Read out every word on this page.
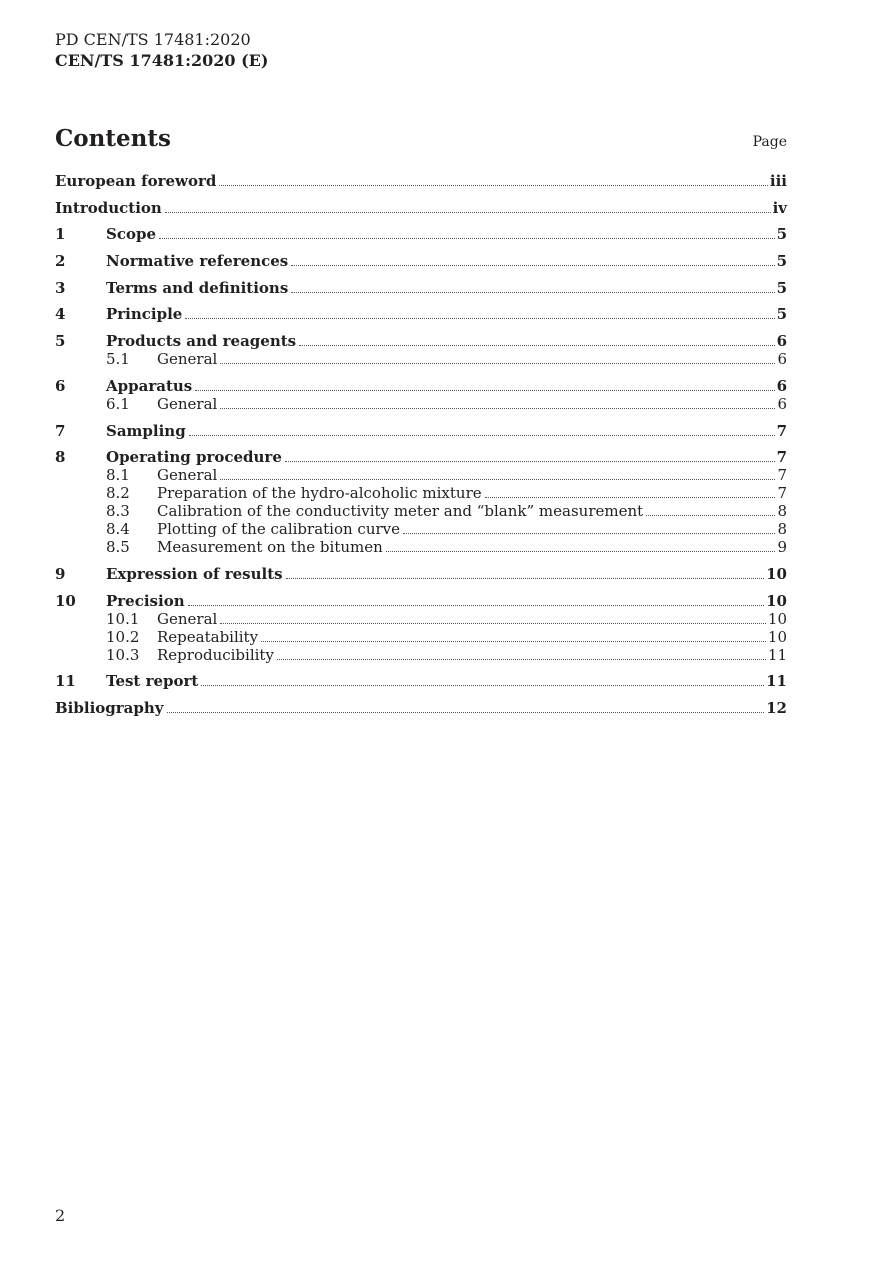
PD CEN/TS 17481:2020
CEN/TS 17481:2020 (E)
Contents	Page
European foreword	iii
Introduction	iv
1	Scope	5
2	Normative references	5
3	Terms and definitions	5
4	Principle	5
5	Products and reagents	6
5.1	General	6
6	Apparatus	6
6.1	General	6
7	Sampling	7
8	Operating procedure	7
8.1	General	7
8.2	Preparation of the hydro-alcoholic mixture	7
8.3	Calibration of the conductivity meter and “blank” measurement	8
8.4	Plotting of the calibration curve	8
8.5	Measurement on the bitumen	9
9	Expression of results	10
10	Precision	10
10.1	General	10
10.2	Repeatability	10
10.3	Reproducibility	11
11	Test report	11
Bibliography	12
2
